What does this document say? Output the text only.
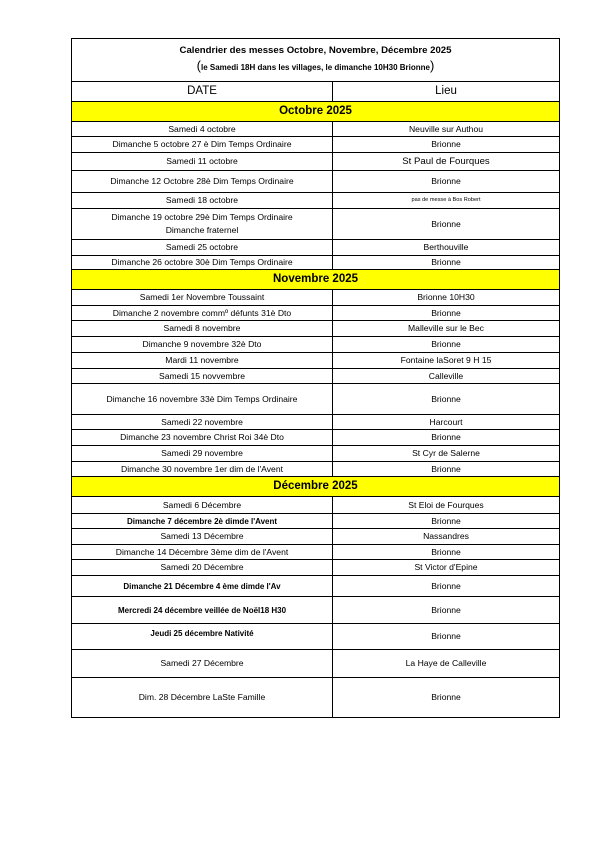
Calendrier des messes Octobre, Novembre, Décembre 2025
(le Samedi 18H dans les villages, le dimanche 10H30 Brionne)	

DATE	Lieu
Octobre 2025	
Samedi 4 octobre	Neuville sur Authou
Dimanche 5 octobre 27 è Dim Temps Ordinaire	Brionne
Samedi 11 octobre	St Paul de Fourques
Dimanche 12 Octobre 28è Dim Temps Ordinaire	Brionne
Samedi 18 octobre	pas de messe à Bos Robert

Dimanche 19 octobre 29è Dim Temps Ordinaire
Dimanche fraternel	Brionne
Samedi 25 octobre	Berthouville
Dimanche 26 octobre 30è Dim Temps Ordinaire	Brionne
Novembre 2025	
Samedi 1er Novembre Toussaint	Brionne 10H30
Dimanche 2 novembre commº défunts 31è Dto	Brionne
Samedi 8 novembre	Malleville sur le Bec
Dimanche 9 novembre 32è Dto	Brionne
Mardi 11 novembre	Fontaine laSoret 9 H 15
Samedi 15 novvembre	Calleville
Dimanche 16 novembre 33è Dim Temps Ordinaire	Brionne
Samedi 22 novembre	Harcourt
Dimanche 23 novembre Christ Roi 34è Dto	Brionne
Samedi 29 novembre	St Cyr de Salerne
Dimanche 30 novembre 1er dim de l'Avent	Brionne
Décembre 2025	
Samedi 6 Décembre	St Eloi de Fourques
Dimanche 7 décembre 2è dimde l'Avent	Brionne
Samedi 13 Décembre	Nassandres
Dimanche 14 Décembre 3ème dim de l'Avent	Brionne
Samedi 20 Décembre	St Victor d'Epine
Dimanche 21 Décembre 4 ème dimde l'Av	Brionne
Mercredi 24 décembre veillée de Noël18 H30	Brionne
Jeudi 25 décembre Nativité	Brionne
Samedi 27 Décembre	La Haye de Calleville
Dim. 28 Décembre LaSte Famille	Brionne
